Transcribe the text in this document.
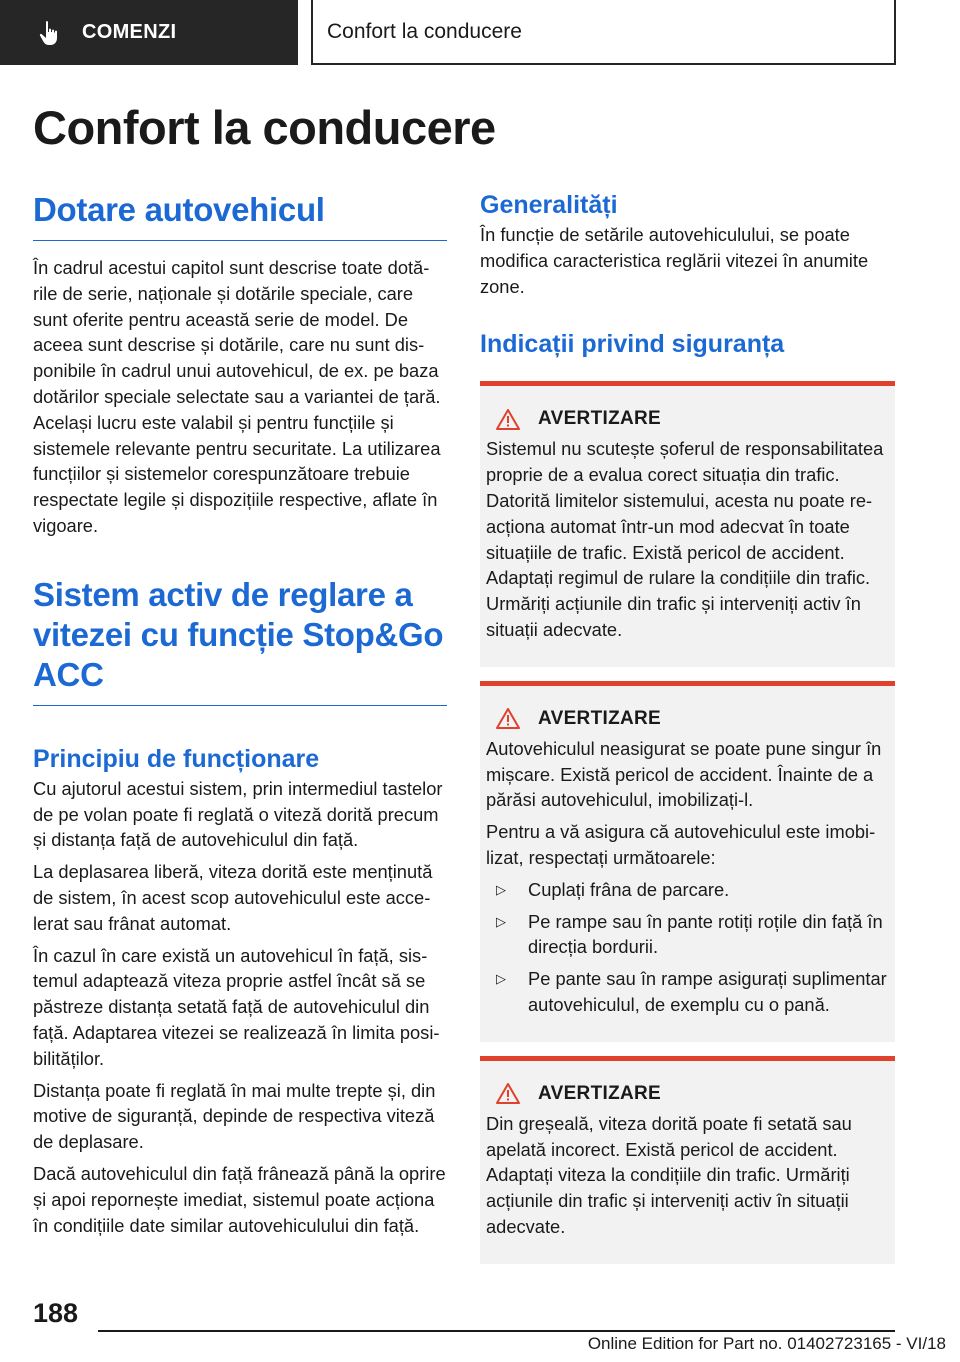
COMENZI	Confort la conducere
Confort la conducere
Dotare autovehicul

În cadrul acestui capitol sunt descrise toate dotările de serie, naționale și dotările speciale, care sunt oferite pentru această serie de model. De aceea sunt descrise și dotările, care nu sunt disponibile în cadrul unui autovehicul, de ex. pe baza dotărilor speciale selectate sau a variantei de țară. Același lucru este valabil și pentru funcțiile și sistemele relevante pentru securitate. La utilizarea funcțiilor și sistemelor corespunzătoare trebuie respectate legile și dispozițiile respective, aflate în vigoare.

Sistem activ de reglare a vitezei cu funcție Stop&Go ACC
Principiu de funcționare

Cu ajutorul acestui sistem, prin intermediul tastelor de pe volan poate fi reglată o viteză dorită precum și distanța față de autovehiculul din față.

La deplasarea liberă, viteza dorită este menținută de sistem, în acest scop autovehiculul este accelerat sau frânat automat.

În cazul în care există un autovehicul în față, sistemul adaptează viteza proprie astfel încât să se păstreze distanța setată față de autovehiculul din față. Adaptarea vitezei se realizează în limita posibilităților.

Distanța poate fi reglată în mai multe trepte și, din motive de siguranță, depinde de respectiva viteză de deplasare.

Dacă autovehiculul din față frânează până la oprire și apoi repornește imediat, sistemul poate acționa în condițiile date similar autovehiculului din față.

Generalități

În funcție de setările autovehiculului, se poate modifica caracteristica reglării vitezei în anumite zone.

Indicații privind siguranța
AVERTIZARE

Sistemul nu scutește șoferul de responsabilitatea proprie de a evalua corect situația din trafic. Datorită limitelor sistemului, acesta nu poate reacționa automat într-un mod adecvat în toate situațiile de trafic. Există pericol de accident. Adaptați regimul de rulare la condițiile din trafic. Urmăriți acțiunile din trafic și interveniți activ în situații adecvate.

AVERTIZARE

Autovehiculul neasigurat se poate pune singur în mișcare. Există pericol de accident. Înainte de a părăsi autovehiculul, imobilizați-l.

Pentru a vă asigura că autovehiculul este imobilizat, respectați următoarele:

▷	Cuplați frâna de parcare.
▷	Pe rampe sau în pante rotiți roțile din față în direcția bordurii.
▷	Pe pante sau în rampe asigurați suplimentar autovehiculul, de exemplu cu o pană.
AVERTIZARE

Din greșeală, viteza dorită poate fi setată sau apelată incorect. Există pericol de accident. Adaptați viteza la condițiile din trafic. Urmăriți acțiunile din trafic și interveniți activ în situații adecvate.

188
Online Edition for Part no. 01402723165 - VI/18
